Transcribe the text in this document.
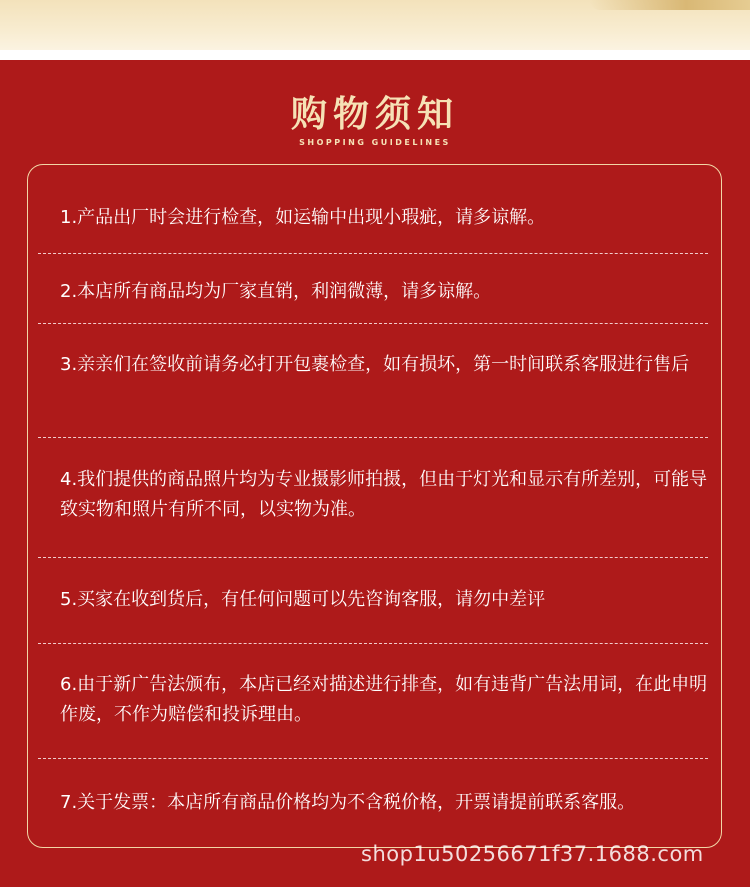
购物须知
SHOPPING GUIDELINES
1.产品出厂时会进行检查，如运输中出现小瑕疵，请多谅解。
2.本店所有商品均为厂家直销，利润微薄，请多谅解。
3.亲亲们在签收前请务必打开包裹检查，如有损坏，第一时间联系客服进行售后
4.我们提供的商品照片均为专业摄影师拍摄，但由于灯光和显示有所差别，可能导致实物和照片有所不同，以实物为准。
5.买家在收到货后，有任何问题可以先咨询客服，请勿中差评
6.由于新广告法颁布，本店已经对描述进行排查，如有违背广告法用词，在此申明作废，不作为赔偿和投诉理由。
7.关于发票：本店所有商品价格均为不含税价格，开票请提前联系客服。
shop1u50256671f37.1688.com
